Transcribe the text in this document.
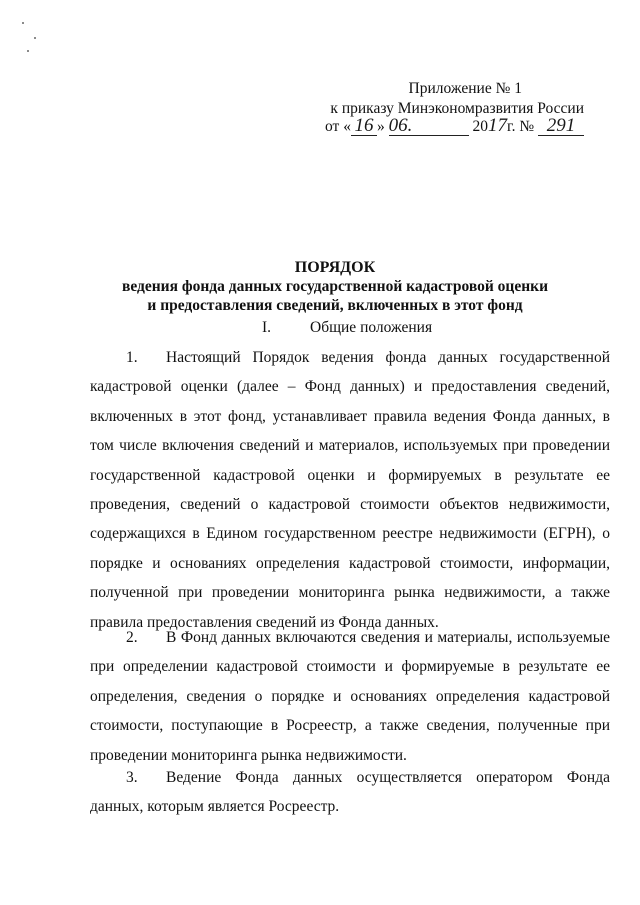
Приложение № 1
к приказу Минэкономразвития России
от « 16 » 06.	2017г. № 291
ПОРЯДОК
ведения фонда данных государственной кадастровой оценки
и предоставления сведений, включенных в этот фонд
I.	Общие положения
1. Настоящий Порядок ведения фонда данных государственной кадастровой оценки (далее – Фонд данных) и предоставления сведений, включенных в этот фонд, устанавливает правила ведения Фонда данных, в том числе включения сведений и материалов, используемых при проведении государственной кадастровой оценки и формируемых в результате ее проведения, сведений о кадастровой стоимости объектов недвижимости, содержащихся в Едином государственном реестре недвижимости (ЕГРН), о порядке и основаниях определения кадастровой стоимости, информации, полученной при проведении мониторинга рынка недвижимости, а также правила предоставления сведений из Фонда данных.
2. В Фонд данных включаются сведения и материалы, используемые при определении кадастровой стоимости и формируемые в результате ее определения, сведения о порядке и основаниях определения кадастровой стоимости, поступающие в Росреестр, а также сведения, полученные при проведении мониторинга рынка недвижимости.
3. Ведение Фонда данных осуществляется оператором Фонда данных, которым является Росреестр.
